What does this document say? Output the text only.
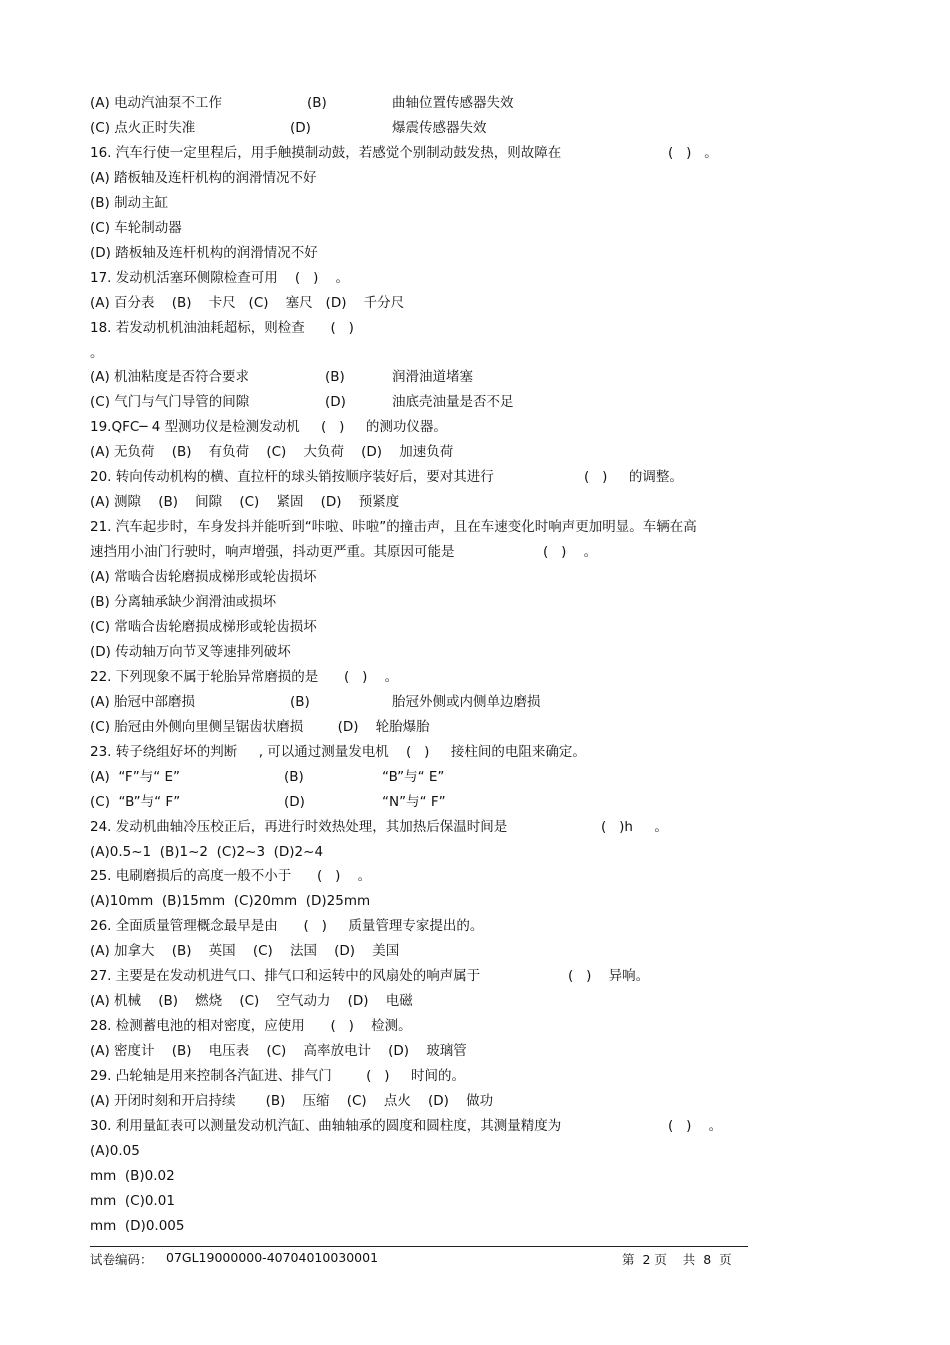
(A) 电动汽油泵不工作	(B)	曲轴位置传感器失效
(C) 点火正时失准	(D)	爆震传感器失效
16. 汽车行使一定里程后，用手触摸制动鼓，若感觉个别制动鼓发热，则故障在	(   )   。
(A) 踏板轴及连杆机构的润滑情况不好
(B) 制动主缸
(C) 车轮制动器
(D) 踏板轴及连杆机构的润滑情况不好
17. 发动机活塞环侧隙检查可用    (   )    。
(A) 百分表    (B)    卡尺   (C)    塞尺   (D)    千分尺
18. 若发动机机油油耗超标，则检查      (   )
。
(A) 机油粘度是否符合要求	(B)	润滑油道堵塞
(C) 气门与气门导管的间隙	(D)	油底壳油量是否不足
19.QFC─ 4 型测功仪是检测发动机     (   )     的测功仪器。
(A) 无负荷    (B)    有负荷    (C)    大负荷    (D)    加速负荷
20. 转向传动机构的横、直拉杆的球头销按顺序装好后，要对其进行	(   )     的调整。
(A) 测隙    (B)    间隙    (C)    紧固    (D)    预紧度
21. 汽车起步时，车身发抖并能听到“咔啦、咔啦”的撞击声，且在车速变化时响声更加明显。车辆在高
速挡用小油门行驶时，响声增强，抖动更严重。其原因可能是	(   )    。
(A) 常啮合齿轮磨损成梯形或轮齿损坏
(B) 分离轴承缺少润滑油或损坏
(C) 常啮合齿轮磨损成梯形或轮齿损坏
(D) 传动轴万向节叉等速排列破坏
22. 下列现象不属于轮胎异常磨损的是      (   )    。
(A) 胎冠中部磨损	(B)	胎冠外侧或内侧单边磨损
(C) 胎冠由外侧向里侧呈锯齿状磨损        (D)    轮胎爆胎
23. 转子绕组好坏的判断     , 可以通过测量发电机    (   )     接柱间的电阻来确定。
(A)  “F”与“ E”	(B)	“B”与“ E”
(C)  “B”与“ F”	(D)	“N”与“ F”
24. 发动机曲轴冷压校正后，再进行时效热处理，其加热后保温时间是	(   )h     。
(A)0.5~1  (B)1~2  (C)2~3  (D)2~4
25. 电刷磨损后的高度一般不小于      (   )    。
(A)10mm  (B)15mm  (C)20mm  (D)25mm
26. 全面质量管理概念最早是由      (   )     质量管理专家提出的。
(A) 加拿大    (B)    英国    (C)    法国    (D)    美国
27. 主要是在发动机进气口、排气口和运转中的风扇处的响声属于	(   )    异响。
(A) 机械    (B)    燃烧    (C)    空气动力    (D)    电磁
28. 检测蓄电池的相对密度，应使用      (   )    检测。
(A) 密度计    (B)    电压表    (C)    高率放电计    (D)    玻璃管
29. 凸轮轴是用来控制各汽缸进、排气门        (   )     时间的。
(A) 开闭时刻和开启持续       (B)    压缩    (C)    点火    (D)    做功
30. 利用量缸表可以测量发动机汽缸、曲轴轴承的圆度和圆柱度，其测量精度为	(   )    。
(A)0.05
mm  (B)0.02
mm  (C)0.01
mm  (D)0.005
试卷编码： 07GL19000000-40704010030001	第  2 页    共  8  页
